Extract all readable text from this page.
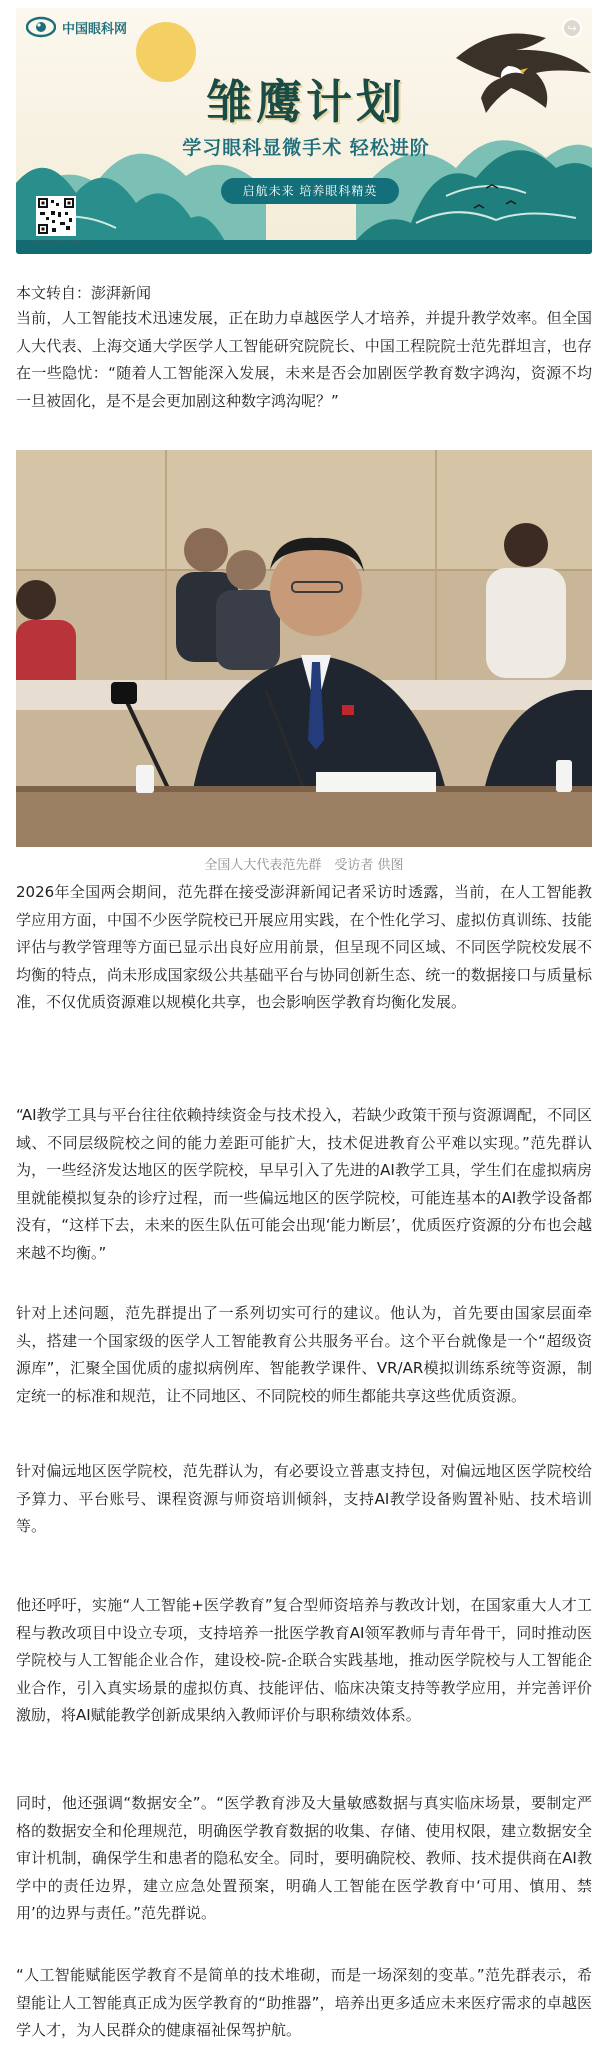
中国眼科网	↪
雏鹰计划
学习眼科显微手术 轻松进阶
启航未来 培养眼科精英
TELLING OCULOSCOPE
本文转自：澎湃新闻

当前，人工智能技术迅速发展，正在助力卓越医学人才培养，并提升教学效率。但全国人大代表、上海交通大学医学人工智能研究院院长、中国工程院院士范先群坦言，也存在一些隐忧：“随着人工智能深入发展，未来是否会加剧医学教育数字鸿沟，资源不均一旦被固化，是不是会更加剧这种数字鸿沟呢？”

全国人大代表范先群　受访者 供图

2026年全国两会期间，范先群在接受澎湃新闻记者采访时透露，当前，在人工智能教学应用方面，中国不少医学院校已开展应用实践，在个性化学习、虚拟仿真训练、技能评估与教学管理等方面已显示出良好应用前景，但呈现不同区域、不同医学院校发展不均衡的特点，尚未形成国家级公共基础平台与协同创新生态、统一的数据接口与质量标准，不仅优质资源难以规模化共享，也会影响医学教育均衡化发展。

“AI教学工具与平台往往依赖持续资金与技术投入，若缺少政策干预与资源调配，不同区域、不同层级院校之间的能力差距可能扩大，技术促进教育公平难以实现。”范先群认为，一些经济发达地区的医学院校，早早引入了先进的AI教学工具，学生们在虚拟病房里就能模拟复杂的诊疗过程，而一些偏远地区的医学院校，可能连基本的AI教学设备都没有，“这样下去，未来的医生队伍可能会出现‘能力断层’，优质医疗资源的分布也会越来越不均衡。”

针对上述问题，范先群提出了一系列切实可行的建议。他认为，首先要由国家层面牵头，搭建一个国家级的医学人工智能教育公共服务平台。这个平台就像是一个“超级资源库”，汇聚全国优质的虚拟病例库、智能教学课件、VR/AR模拟训练系统等资源，制定统一的标准和规范，让不同地区、不同院校的师生都能共享这些优质资源。

针对偏远地区医学院校，范先群认为，有必要设立普惠支持包，对偏远地区医学院校给予算力、平台账号、课程资源与师资培训倾斜，支持AI教学设备购置补贴、技术培训等。

他还呼吁，实施“人工智能+医学教育”复合型师资培养与教改计划，在国家重大人才工程与教改项目中设立专项，支持培养一批医学教育AI领军教师与青年骨干，同时推动医学院校与人工智能企业合作，建设校-院-企联合实践基地，推动医学院校与人工智能企业合作，引入真实场景的虚拟仿真、技能评估、临床决策支持等教学应用，并完善评价激励，将AI赋能教学创新成果纳入教师评价与职称绩效体系。

同时，他还强调“数据安全”。“医学教育涉及大量敏感数据与真实临床场景，要制定严格的数据安全和伦理规范，明确医学教育数据的收集、存储、使用权限，建立数据安全审计机制，确保学生和患者的隐私安全。同时，要明确院校、教师、技术提供商在AI教学中的责任边界，建立应急处置预案，明确人工智能在医学教育中‘可用、慎用、禁用’的边界与责任。”范先群说。

“人工智能赋能医学教育不是简单的技术堆砌，而是一场深刻的变革。”范先群表示，希望能让人工智能真正成为医学教育的“助推器”，培养出更多适应未来医疗需求的卓越医学人才，为人民群众的健康福祉保驾护航。
